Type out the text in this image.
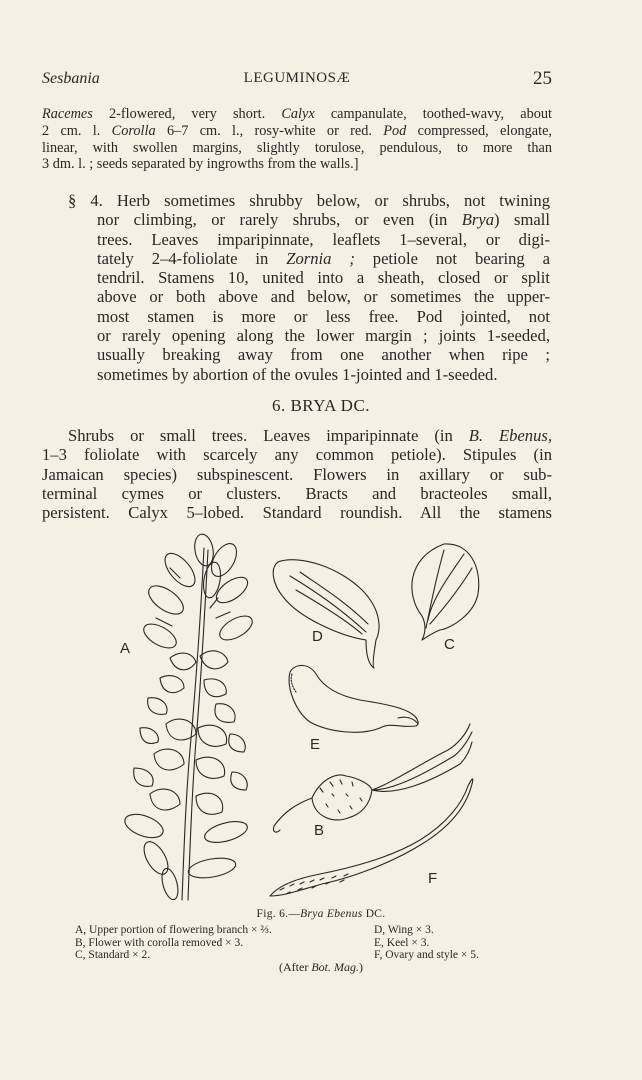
Sesbania	LEGUMINOSÆ	25
Racemes 2-flowered, very short. Calyx campanulate, toothed-wavy, about
2 cm. l. Corolla 6–7 cm. l., rosy-white or red. Pod compressed, elongate,
linear, with swollen margins, slightly torulose, pendulous, to more than
3 dm. l. ; seeds separated by ingrowths from the walls.]
§ 4. Herb sometimes shrubby below, or shrubs, not twining
nor climbing, or rarely shrubs, or even (in Brya) small
trees. Leaves imparipinnate, leaflets 1–several, or digi-
tately 2–4-foliolate in Zornia ; petiole not bearing a
tendril. Stamens 10, united into a sheath, closed or split
above or both above and below, or sometimes the upper-
most stamen is more or less free. Pod jointed, not
or rarely opening along the lower margin ; joints 1-seeded,
usually breaking away from one another when ripe ;
sometimes by abortion of the ovules 1-jointed and 1-seeded.
6. BRYA DC.
Shrubs or small trees. Leaves imparipinnate (in B. Ebenus,
1–3 foliolate with scarcely any common petiole). Stipules (in
Jamaican species) subspinescent. Flowers in axillary or sub-
terminal cymes or clusters. Bracts and bracteoles small,
persistent. Calyx 5–lobed. Standard roundish. All the stamens
A
D	C
E
B
F
Fig. 6.—Brya Ebenus DC.
A, Upper portion of flowering branch × ⅔.
B, Flower with corolla removed × 3.
C, Standard × 2.
D, Wing × 3.
E, Keel × 3.
F, Ovary and style × 5.
(After Bot. Mag.)
